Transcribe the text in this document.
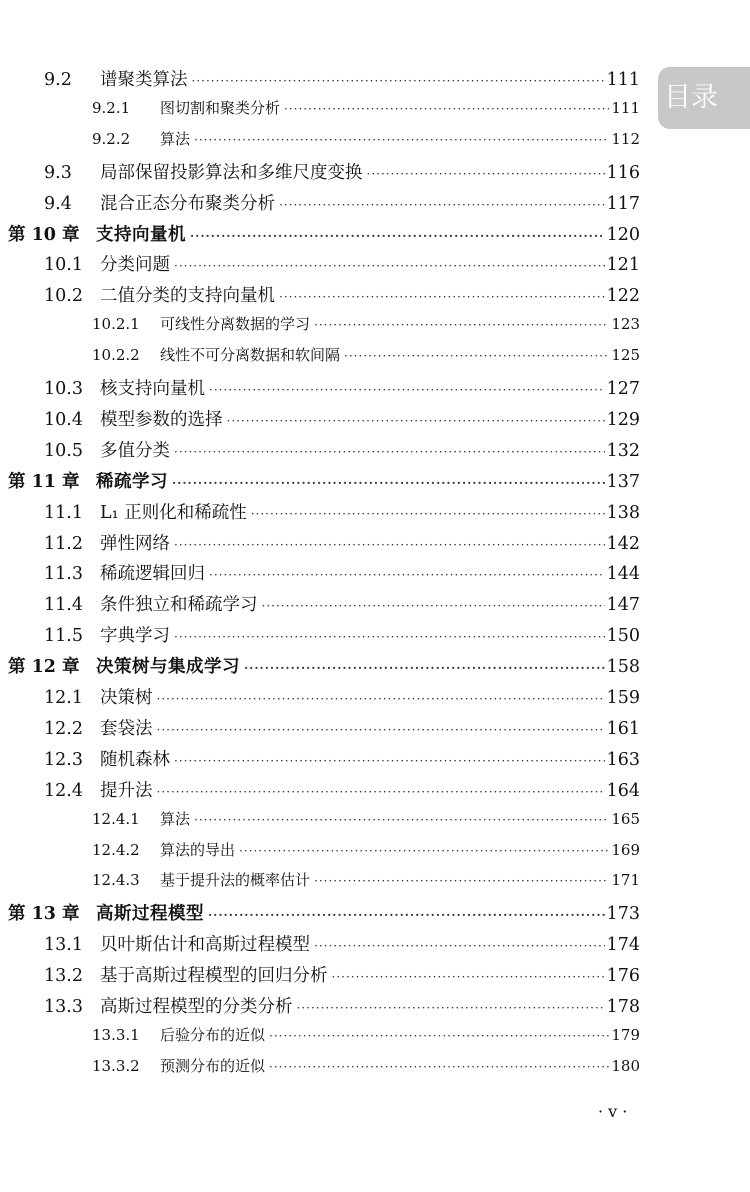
目录
9.2	谱聚类算法 ·····	111
9.2.1	图切割和聚类分析 ·····	111
9.2.2	算法 ·····	112
9.3	局部保留投影算法和多维尺度变换 ·····	116
9.4	混合正态分布聚类分析 ·····	117
第 10 章 支持向量机 ·····	120
10.1 分类问题 ·····	121
10.2 二值分类的支持向量机 ·····	122
10.2.1	可线性分离数据的学习 ·····	123
10.2.2	线性不可分离数据和软间隔 ·····	125
10.3 核支持向量机 ·····	127
10.4 模型参数的选择 ·····	129
10.5 多值分类 ·····	132
第 11 章 稀疏学习 ·····	137
11.1 L₁ 正则化和稀疏性 ·····	138
11.2 弹性网络 ·····	142
11.3 稀疏逻辑回归 ·····	144
11.4 条件独立和稀疏学习 ·····	147
11.5 字典学习 ·····	150
第 12 章 决策树与集成学习 ·····	158
12.1 决策树 ·····	159
12.2 套袋法 ·····	161
12.3 随机森林 ·····	163
12.4 提升法 ·····	164
12.4.1	算法 ·····	165
12.4.2	算法的导出 ·····	169
12.4.3	基于提升法的概率估计 ·····	171
第 13 章 高斯过程模型 ·····	173
13.1 贝叶斯估计和高斯过程模型 ·····	174
13.2 基于高斯过程模型的回归分析 ·····	176
13.3 高斯过程模型的分类分析 ·····	178
13.3.1	后验分布的近似 ·····	179
13.3.2	预测分布的近似 ·····	180
· v ·
